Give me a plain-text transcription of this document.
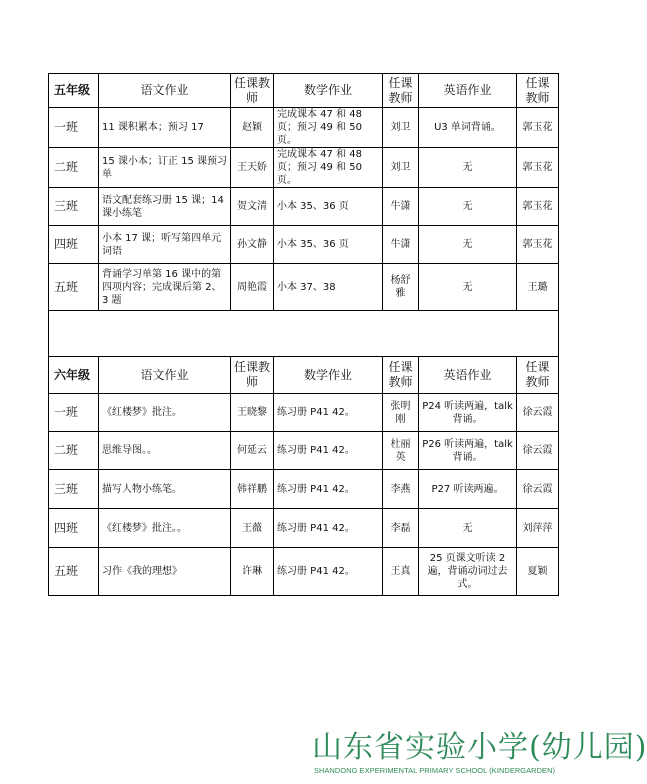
五年级	语文作业	任课教师	数学作业	任课教师	英语作业	任课教师
一班	11 课积累本；预习 17	赵颖	完成课本 47 和 48 页；预习 49 和 50 页。	刘卫	U3 单词背诵。	郭玉花
二班	15 课小本；订正 15 课预习单	王天娇	完成课本 47 和 48 页；预习 49 和 50 页。	刘卫	无	郭玉花
三班	语文配套练习册 15 课；14 课小练笔	贺文清	小本 35、36 页	牛潇	无	郭玉花
四班	小本 17 课；听写第四单元词语	孙文静	小本 35、36 页	牛潇	无	郭玉花
五班	背诵学习单第 16 课中的第四项内容；完成课后第 2、3 题	周艳霞	小本 37、38	杨舒雅	无	王璐

六年级	语文作业	任课教师	数学作业	任课教师	英语作业	任课教师
一班	《红楼梦》批注。	王晓黎	练习册 P41 42。	张明刚	P24 听读两遍，talk 背诵。	徐云霞
二班	思维导图。。	何延云	练习册 P41 42。	杜丽英	P26 听读两遍，talk 背诵。	徐云霞
三班	描写人物小练笔。	韩祥鹏	练习册 P41 42。	李燕	P27 听读两遍。	徐云霞
四班	《红楼梦》批注。。	王薇	练习册 P41 42。	李磊	无	刘萍萍
五班	习作《我的理想》	许琳	练习册 P41 42。	王真	25 页课文听读 2 遍，背诵动词过去式。	夏颖
山东省实验小学(幼儿园)
SHANDONG EXPERIMENTAL PRIMARY SCHOOL (KINDERGARDEN)
